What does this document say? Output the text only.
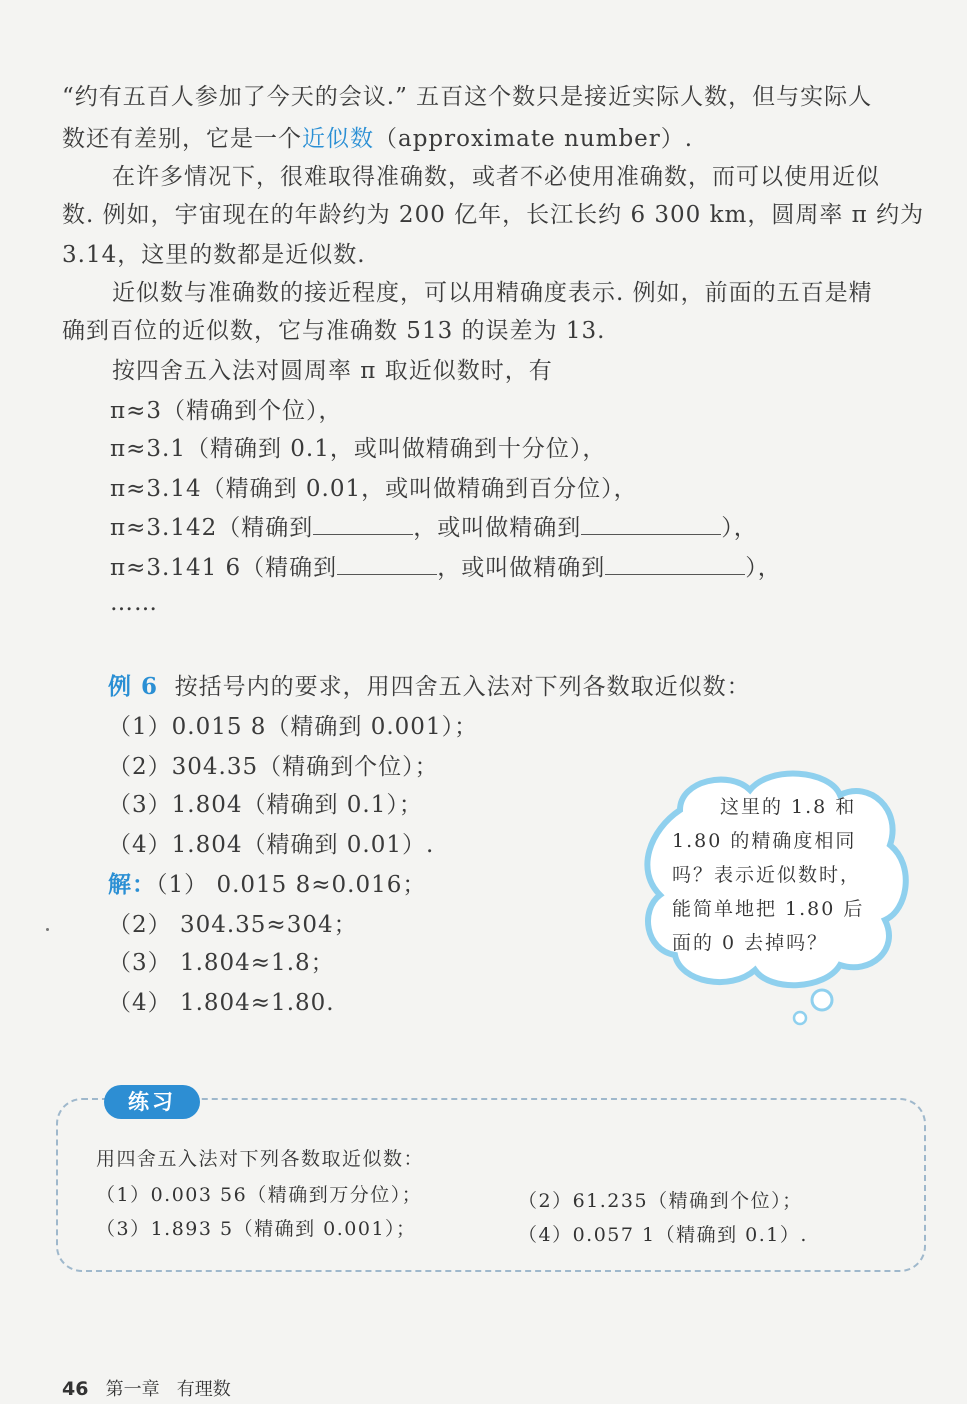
“约有五百人参加了今天的会议.” 五百这个数只是接近实际人数，但与实际人
数还有差别，它是一个近似数（approximate number）.
在许多情况下，很难取得准确数，或者不必使用准确数，而可以使用近似
数. 例如，宇宙现在的年龄约为 200 亿年，长江长约 6 300 km，圆周率 π 约为
3.14，这里的数都是近似数.
近似数与准确数的接近程度，可以用精确度表示. 例如，前面的五百是精
确到百位的近似数，它与准确数 513 的误差为 13.
按四舍五入法对圆周率 π 取近似数时，有
π≈3（精确到个位），
π≈3.1（精确到 0.1，或叫做精确到十分位），
π≈3.14（精确到 0.01，或叫做精确到百分位），
π≈3.142（精确到	，或叫做精确到	），
π≈3.141 6（精确到	，或叫做精确到	），
……
例 6 按括号内的要求，用四舍五入法对下列各数取近似数：
（1）0.015 8（精确到 0.001）；
（2）304.35（精确到个位）；
（3）1.804（精确到 0.1）；
（4）1.804（精确到 0.01）.
解：（1） 0.015 8≈0.016；
（2） 304.35≈304；
（3） 1.804≈1.8；
（4） 1.804≈1.80.
这里的 1.8 和 1.80 的精确度相同吗？表示近似数时，能简单地把 1.80 后面的 0 去掉吗？
练习
用四舍五入法对下列各数取近似数：
（1）0.003 56（精确到万分位）；	（2）61.235（精确到个位）；
（3）1.893 5（精确到 0.001）；	（4）0.057 1（精确到 0.1）.
46 第一章 有理数
